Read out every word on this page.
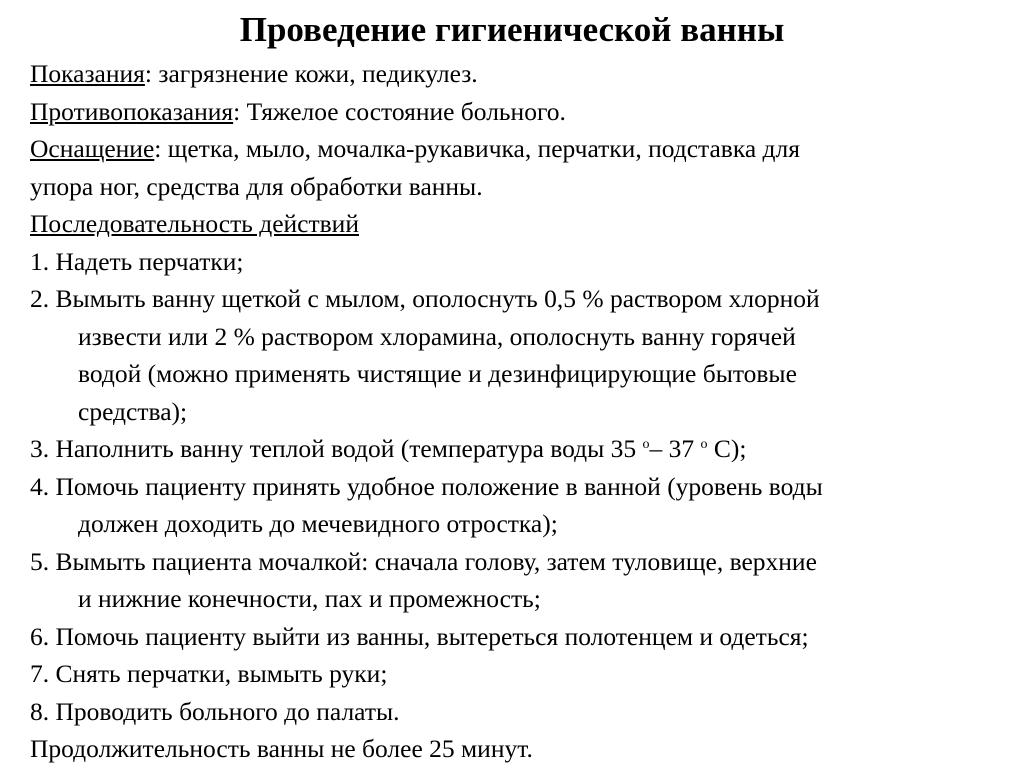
Проведение гигиенической ванны
Показания: загрязнение кожи, педикулез.
Противопоказания: Тяжелое состояние больного.
Оснащение: щетка, мыло, мочалка-рукавичка, перчатки, подставка для
упора ног, средства для обработки ванны.
Последовательность действий
1. Надеть перчатки;
2. Вымыть ванну щеткой с мылом, ополоснуть 0,5 % раствором хлорной
извести или 2 % раствором хлорамина, ополоснуть ванну горячей
водой (можно применять чистящие и дезинфицирующие бытовые
средства);
3. Наполнить ванну теплой водой (температура воды 35 $^о$– 37 $^о$ С);
4. Помочь пациенту принять удобное положение в ванной (уровень воды
должен доходить до мечевидного отростка);
5. Вымыть пациента мочалкой: сначала голову, затем туловище, верхние
и нижние конечности, пах и промежность;
6. Помочь пациенту выйти из ванны, вытереться полотенцем и одеться;
7. Снять перчатки, вымыть руки;
8. Проводить больного до палаты.
Продолжительность ванны не более 25 минут.
